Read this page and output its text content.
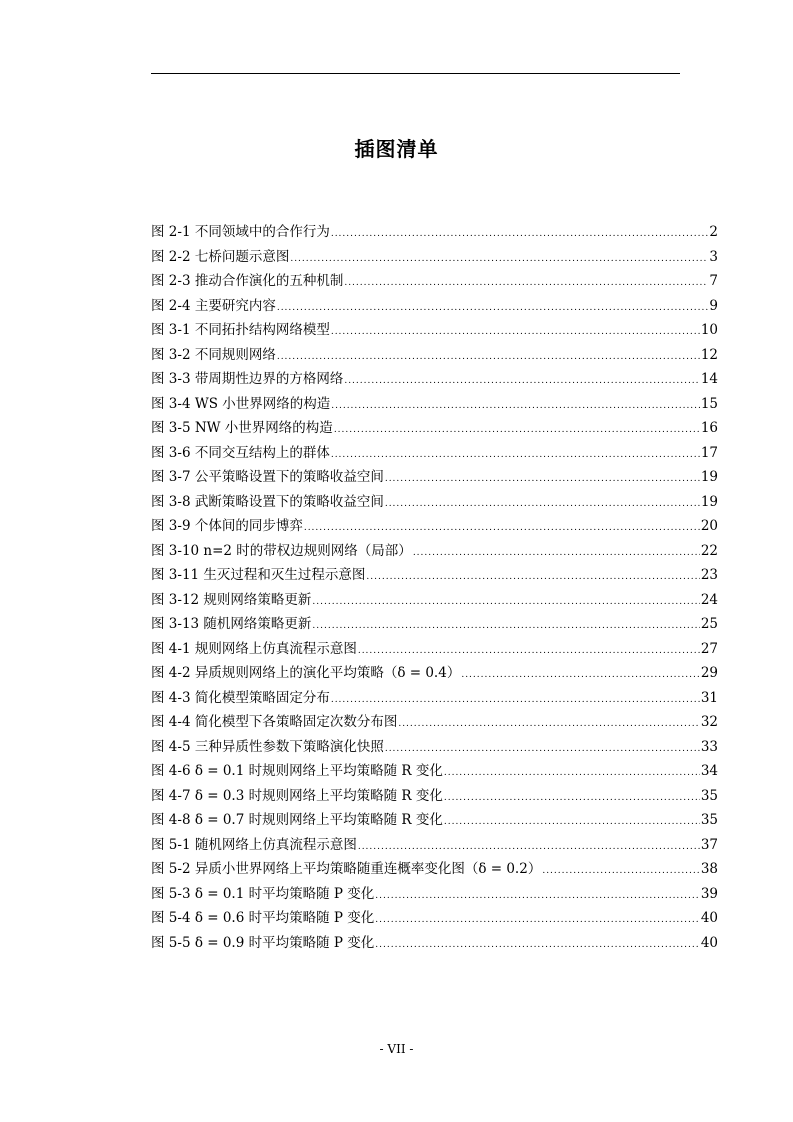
插图清单
图 2-1 不同领域中的合作行为 .....	2
图 2-2 七桥问题示意图 .....	3
图 2-3 推动合作演化的五种机制 .....	7
图 2-4 主要研究内容 .....	9
图 3-1 不同拓扑结构网络模型 .....	10
图 3-2 不同规则网络 .....	12
图 3-3 带周期性边界的方格网络 .....	14
图 3-4 WS 小世界网络的构造 .....	15
图 3-5 NW 小世界网络的构造 .....	16
图 3-6 不同交互结构上的群体 .....	17
图 3-7 公平策略设置下的策略收益空间 .....	19
图 3-8 武断策略设置下的策略收益空间 .....	19
图 3-9 个体间的同步博弈 .....	20
图 3-10 n=2 时的带权边规则网络（局部） .....	22
图 3-11 生灭过程和灭生过程示意图 .....	23
图 3-12 规则网络策略更新 .....	24
图 3-13 随机网络策略更新 .....	25
图 4-1 规则网络上仿真流程示意图 .....	27
图 4-2 异质规则网络上的演化平均策略（δ = 0.4） .....	29
图 4-3 简化模型策略固定分布 .....	31
图 4-4 简化模型下各策略固定次数分布图 .....	32
图 4-5 三种异质性参数下策略演化快照 .....	33
图 4-6 δ = 0.1 时规则网络上平均策略随 R 变化 .....	34
图 4-7 δ = 0.3 时规则网络上平均策略随 R 变化 .....	35
图 4-8 δ = 0.7 时规则网络上平均策略随 R 变化 .....	35
图 5-1 随机网络上仿真流程示意图 .....	37
图 5-2 异质小世界网络上平均策略随重连概率变化图（δ = 0.2） .....	38
图 5-3 δ = 0.1 时平均策略随 P 变化 .....	39
图 5-4 δ = 0.6 时平均策略随 P 变化 .....	40
图 5-5 δ = 0.9 时平均策略随 P 变化 .....	40
- VII -
